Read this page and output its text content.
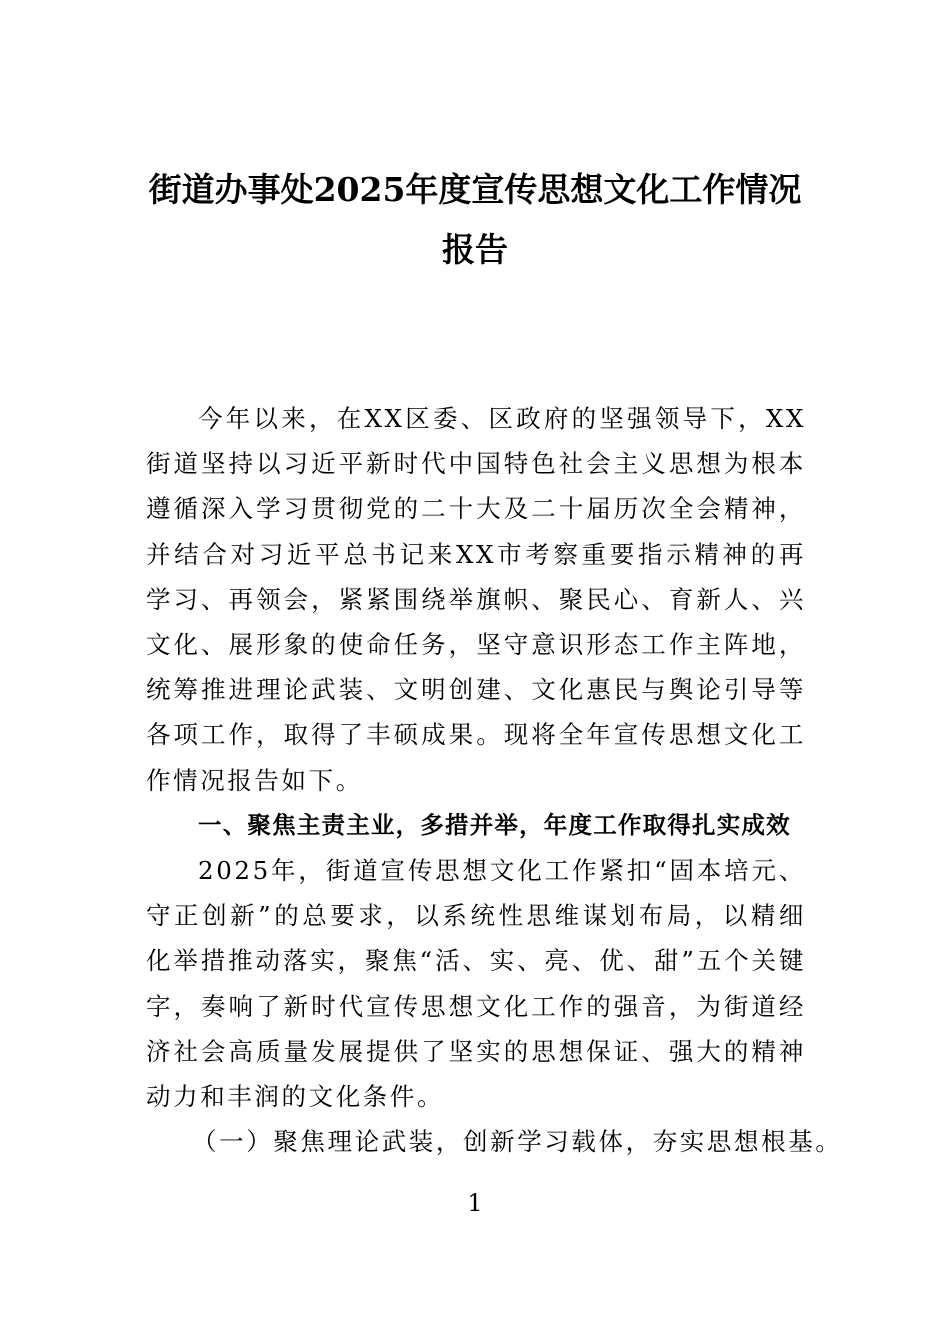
街道办事处2025年度宣传思想文化工作情况报告

今年以来，在XX区委、区政府的坚强领导下，XX街道坚持以习近平新时代中国特色社会主义思想为根本遵循深入学习贯彻党的二十大及二十届历次全会精神，并结合对习近平总书记来XX市考察重要指示精神的再学习、再领会，紧紧围绕举旗帜、聚民心、育新人、兴文化、展形象的使命任务，坚守意识形态工作主阵地，统筹推进理论武装、文明创建、文化惠民与舆论引导等各项工作，取得了丰硕成果。现将全年宣传思想文化工作情况报告如下。

一、聚焦主责主业，多措并举，年度工作取得扎实成效

2025年，街道宣传思想文化工作紧扣“固本培元、守正创新”的总要求，以系统性思维谋划布局，以精细化举措推动落实，聚焦“活、实、亮、优、甜”五个关键字，奏响了新时代宣传思想文化工作的强音，为街道经济社会高质量发展提供了坚实的思想保证、强大的精神动力和丰润的文化条件。

（一）聚焦理论武装，创新学习载体，夯实思想根基。

1
